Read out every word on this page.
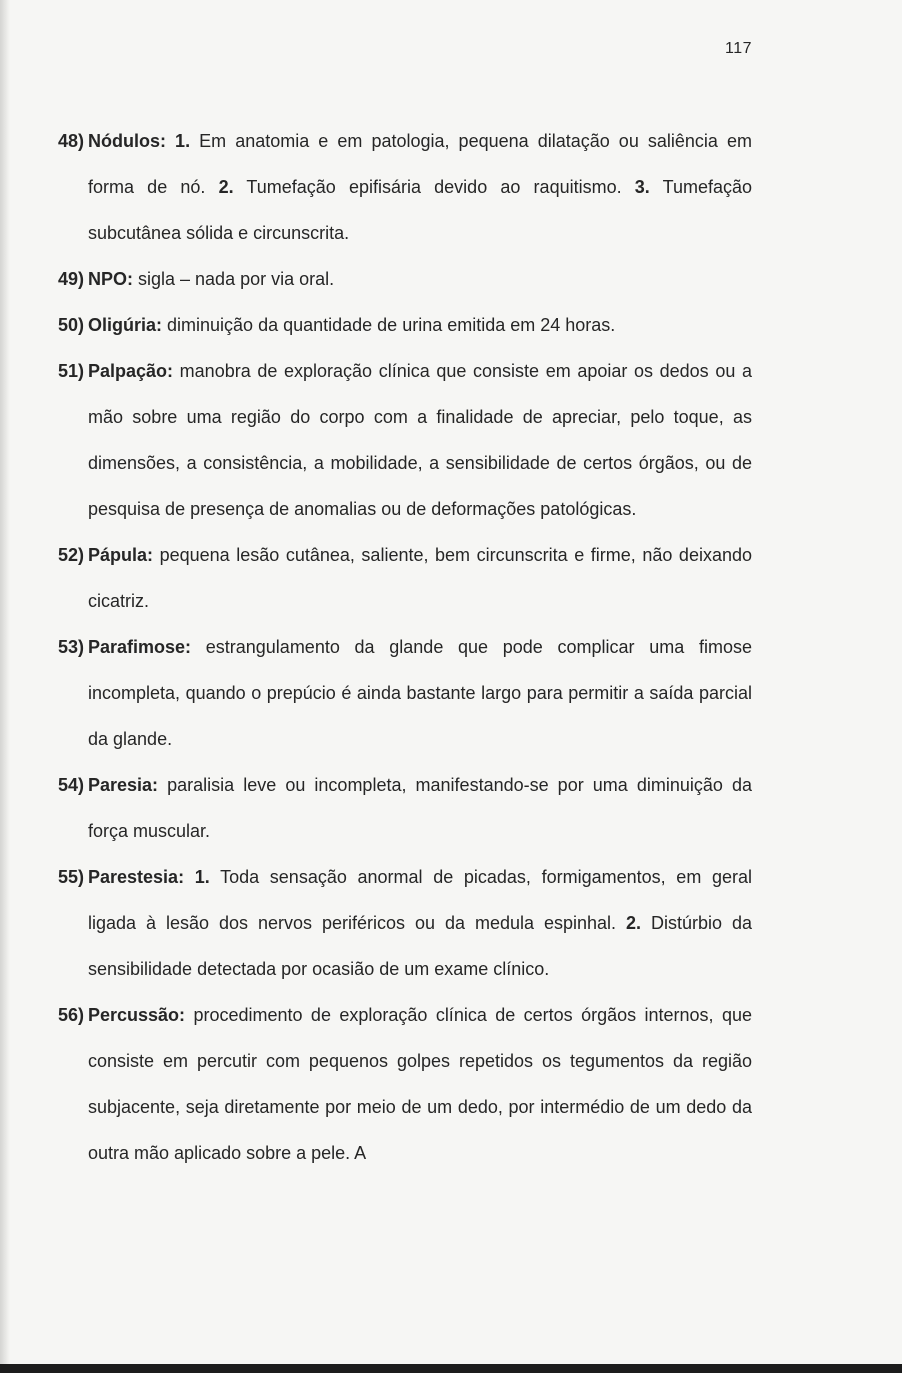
117
48) Nódulos: 1. Em anatomia e em patologia, pequena dilatação ou saliência em forma de nó. 2. Tumefação epifisária devido ao raquitismo. 3. Tumefação subcutânea sólida e circunscrita.
49) NPO: sigla – nada por via oral.
50) Oligúria: diminuição da quantidade de urina emitida em 24 horas.
51) Palpação: manobra de exploração clínica que consiste em apoiar os dedos ou a mão sobre uma região do corpo com a finalidade de apreciar, pelo toque, as dimensões, a consistência, a mobilidade, a sensibilidade de certos órgãos, ou de pesquisa de presença de anomalias ou de deformações patológicas.
52) Pápula: pequena lesão cutânea, saliente, bem circunscrita e firme, não deixando cicatriz.
53) Parafimose: estrangulamento da glande que pode complicar uma fimose incompleta, quando o prepúcio é ainda bastante largo para permitir a saída parcial da glande.
54) Paresia: paralisia leve ou incompleta, manifestando-se por uma diminuição da força muscular.
55) Parestesia: 1. Toda sensação anormal de picadas, formigamentos, em geral ligada à lesão dos nervos periféricos ou da medula espinhal. 2. Distúrbio da sensibilidade detectada por ocasião de um exame clínico.
56) Percussão: procedimento de exploração clínica de certos órgãos internos, que consiste em percutir com pequenos golpes repetidos os tegumentos da região subjacente, seja diretamente por meio de um dedo, por intermédio de um dedo da outra mão aplicado sobre a pele. A
